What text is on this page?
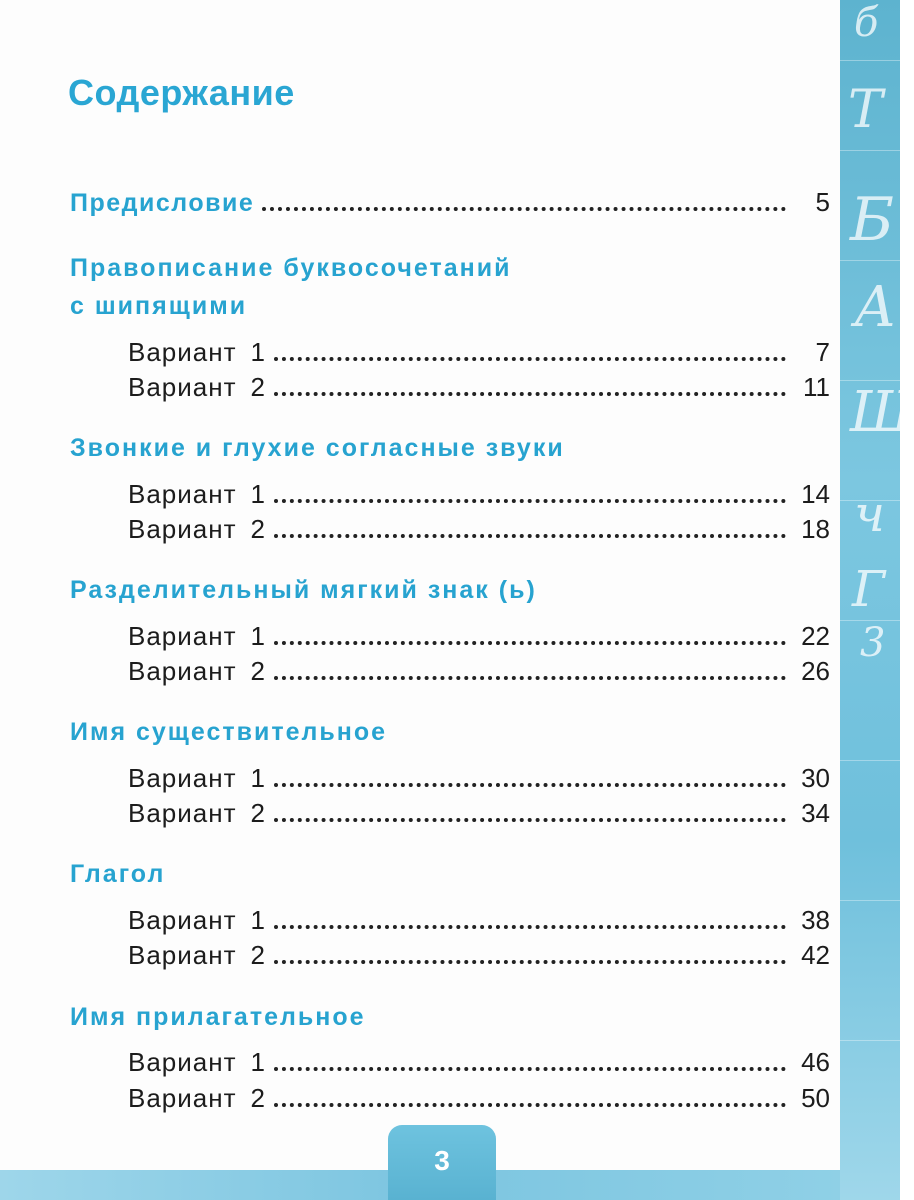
б
Т
Б
А
Ш
ч
Г
3
3
Содержание
Предисловие	5
Правописание буквосочетаний
с шипящими
Вариант 1	7
Вариант 2	11
Звонкие и глухие согласные звуки
Вариант 1	14
Вариант 2	18
Разделительный мягкий знак (ь)
Вариант 1	22
Вариант 2	26
Имя существительное
Вариант 1	30
Вариант 2	34
Глагол
Вариант 1	38
Вариант 2	42
Имя прилагательное
Вариант 1	46
Вариант 2	50
